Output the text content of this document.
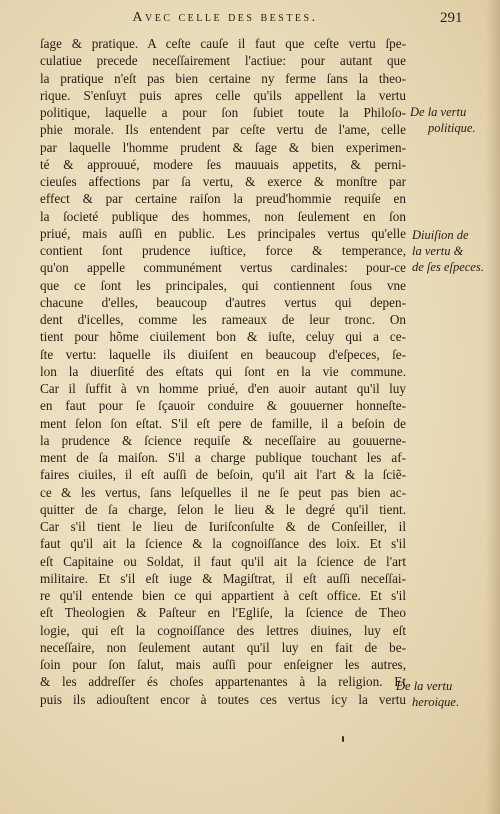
Avec celle des bestes.	291
ſage & pratique. A ceſte cauſe il faut que ceſte vertu ſpe-
culatiue precede neceſſairement l'actiue: pour autant que
la pratique n'eſt pas bien certaine ny ferme ſans la theo-
rique. S'enſuyt puis apres celle qu'ils appellent la vertu
politique, laquelle a pour ſon ſubiet toute la Philoſo-
phie morale. Ils entendent par ceſte vertu de l'ame, celle
par laquelle l'homme prudent & ſage & bien experimen-
té & approuué, modere ſes mauuais appetits, & perni-
cieuſes affections par ſa vertu, & exerce & monſtre par
effect & par certaine raiſon la preud'hommie requiſe en
la ſocieté publique des hommes, non ſeulement en ſon
priué, mais auſſi en public. Les principales vertus qu'elle
contient ſont prudence iuſtice, force & temperance,
qu'on appelle communément vertus cardinales: pour-ce
que ce ſont les principales, qui contiennent ſous vne
chacune d'elles, beaucoup d'autres vertus qui depen-
dent d'icelles, comme les rameaux de leur tronc. On
tient pour hõme ciuilement bon & iuſte, celuy qui a ce-
ſte vertu: laquelle ils diuiſent en beaucoup d'eſpeces, ſe-
lon la diuerſité des eſtats qui ſont en la vie commune.
Car il ſuffit à vn homme priué, d'en auoir autant qu'il luy
en faut pour ſe ſçauoir conduire & gouuerner honneſte-
ment ſelon ſon eſtat. S'il eſt pere de famille, il a beſoin de
la prudence & ſcience requiſe & neceſſaire au gouuerne-
ment de ſa maiſon. S'il a charge publique touchant les af-
faires ciuiles, il eſt auſſi de beſoin, qu'il ait l'art & la ſciẽ-
ce & les vertus, ſans leſquelles il ne ſe peut pas bien ac-
quitter de ſa charge, ſelon le lieu & le degré qu'il tient.
Car s'il tient le lieu de Iuriſconſulte & de Conſeiller, il
faut qu'il ait la ſcience & la cognoiſſance des loix. Et s'il
eſt Capitaine ou Soldat, il faut qu'il ait la ſcience de l'art
militaire. Et s'il eſt iuge & Magiſtrat, il eſt auſſi neceſſai-
re qu'il entende bien ce qui appartient à ceſt office. Et s'il
eſt Theologien & Paſteur en l'Egliſe, la ſcience de Theo
logie, qui eſt la cognoiſſance des lettres diuines, luy eſt
neceſſaire, non ſeulement autant qu'il luy en fait de be-
ſoin pour ſon ſalut, mais auſſi pour enſeigner les autres,
& les addreſſer és choſes appartenantes à la religion. Et
puis ils adiouſtent encor à toutes ces vertus icy la vertu
De la vertu
politique.
Diuiſion de
la vertu &
de ſes eſpeces.
De la vertu
heroique.
